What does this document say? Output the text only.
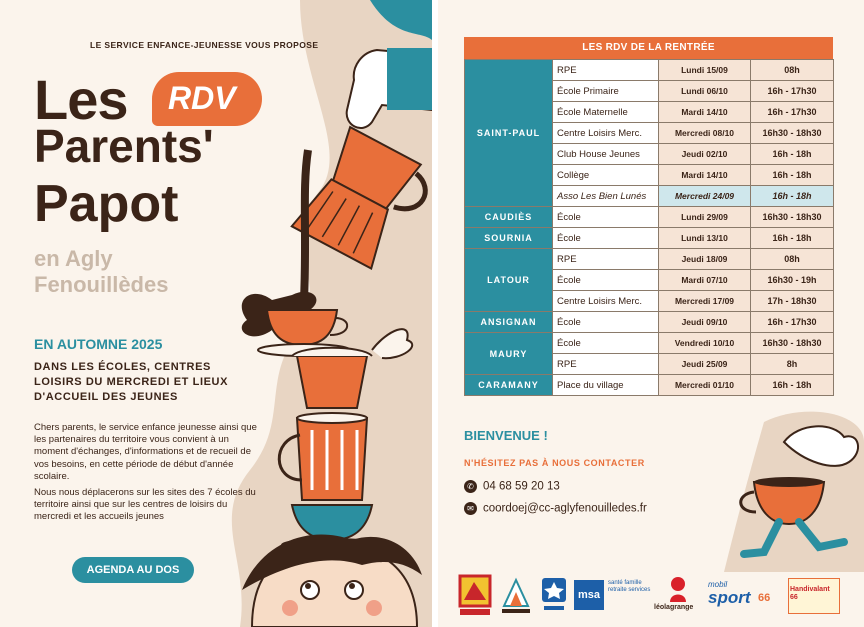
LE SERVICE ENFANCE-JEUNESSE VOUS PROPOSE
Les RDV
Parents'
Papot
en Agly
Fenouillèdes
EN AUTOMNE 2025
DANS LES ÉCOLES, CENTRES LOISIRS DU MERCREDI ET LIEUX D'ACCUEIL DES JEUNES

Chers parents, le service enfance jeunesse ainsi que les partenaires du territoire vous convient à un moment d'échanges, d'informations et de recueil de vos besoins, en cette période de début d'année scolaire.

Nous nous déplacerons sur les sites des 7 écoles du territoire ainsi que sur les centres de loisirs du mercredi et les accueils jeunes

AGENDA AU DOS
LES RDV DE LA RENTRÉE
SAINT-PAUL	RPE	Lundi 15/09	08h
	École Primaire	Lundi 06/10	16h - 17h30
	École Maternelle	Mardi 14/10	16h - 17h30
	Centre Loisirs Merc.	Mercredi 08/10	16h30 - 18h30
	Club House Jeunes	Jeudi 02/10	16h - 18h
	Collège	Mardi 14/10	16h - 18h
	Asso Les Bien Lunés	Mercredi 24/09	16h - 18h
CAUDIÈS	École	Lundi 29/09	16h30 - 18h30
SOURNIA	École	Lundi 13/10	16h - 18h
LATOUR	RPE	Jeudi 18/09	08h
	École	Mardi 07/10	16h30 - 19h
	Centre Loisirs Merc.	Mercredi 17/09	17h - 18h30
ANSIGNAN	École	Jeudi 09/10	16h - 17h30
MAURY	École	Vendredi 10/10	16h30 - 18h30
	RPE	Jeudi 25/09	8h
CARAMANY	Place du village	Mercredi 01/10	16h - 18h
BIENVENUE !
N'HÉSITEZ PAS À NOUS CONTACTER
✆ 04 68 59 20 13
✉ coordoej@cc-aglyfenouilledes.fr
msa
santé famille retraite services
léolagrange
mobil
sport 66
Handivalant 66
